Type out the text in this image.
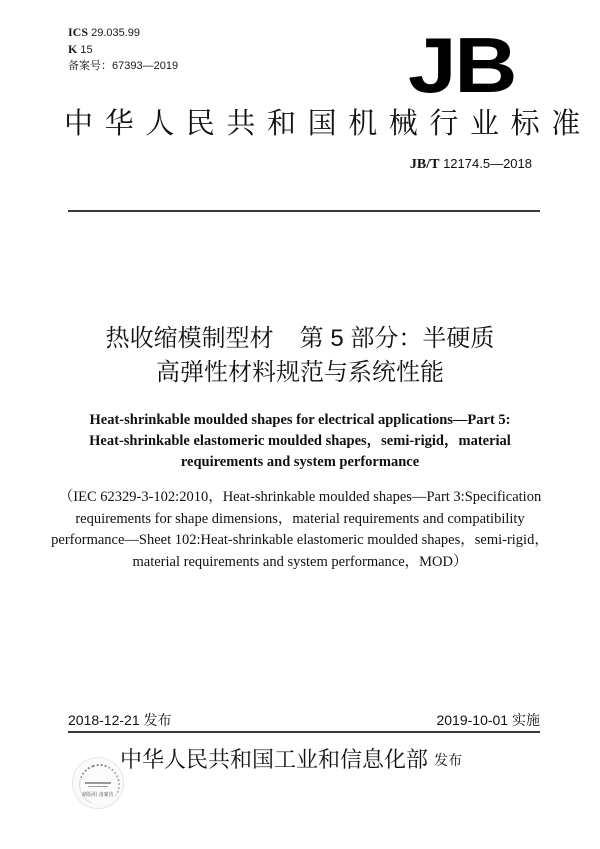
ICS 29.035.99
K 15
备案号：67393—2019	JB
中华人民共和国机械行业标准
JB/T 12174.5—2018
热收缩模制型材 第 5 部分：半硬质
高弹性材料规范与系统性能
Heat-shrinkable moulded shapes for electrical applications—Part 5:
Heat-shrinkable elastomeric moulded shapes，semi-rigid，material
requirements and system performance
（IEC 62329-3-102:2010，Heat-shrinkable moulded shapes—Part 3:Specification
requirements for shape dimensions，material requirements and compatibility
performance—Sheet 102:Heat-shrinkable elastomeric moulded shapes，semi-rigid，
material requirements and system performance，MOD）
2018-12-21 发布	2019-10-01 实施
制版组 备案仿
中华人民共和国工业和信息化部 发布
